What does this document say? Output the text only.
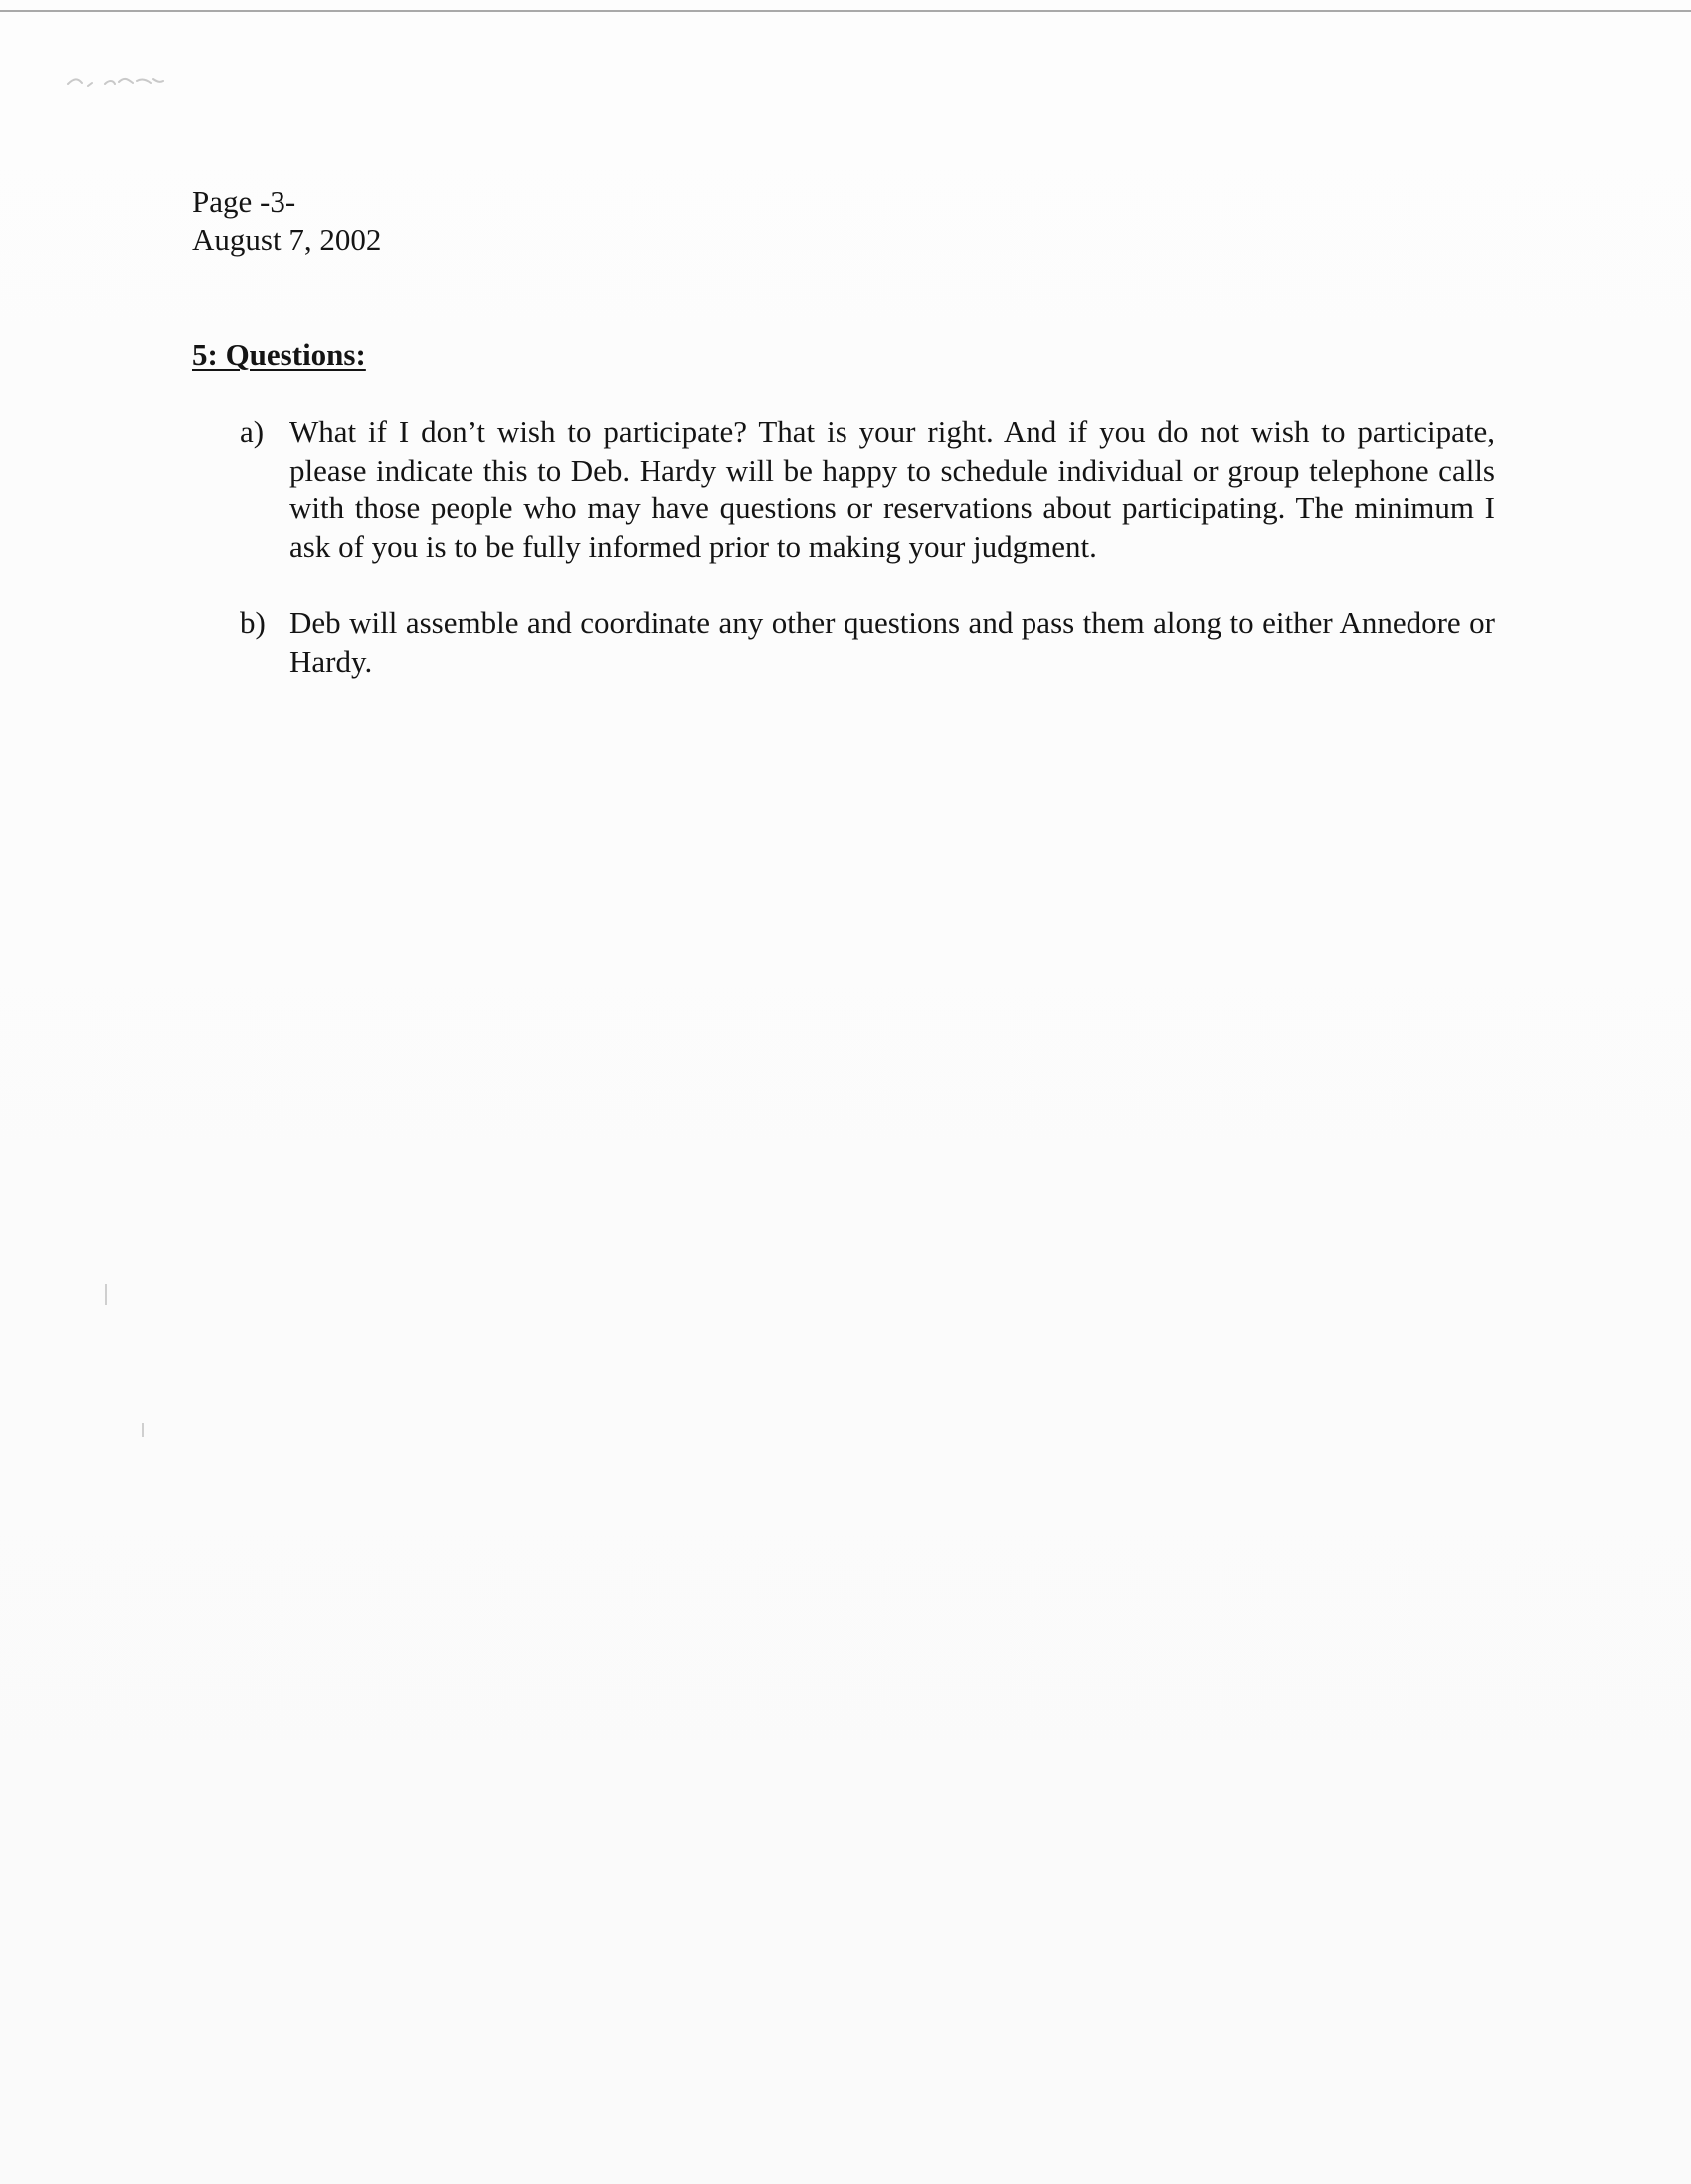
Page -3-
August 7, 2002
5: Questions:
a) What if I don’t wish to participate? That is your right. And if you do not wish to participate, please indicate this to Deb. Hardy will be happy to schedule individual or group telephone calls with those people who may have questions or reservations about participating. The minimum I ask of you is to be fully informed prior to making your judgment.
b) Deb will assemble and coordinate any other questions and pass them along to either Annedore or Hardy.
